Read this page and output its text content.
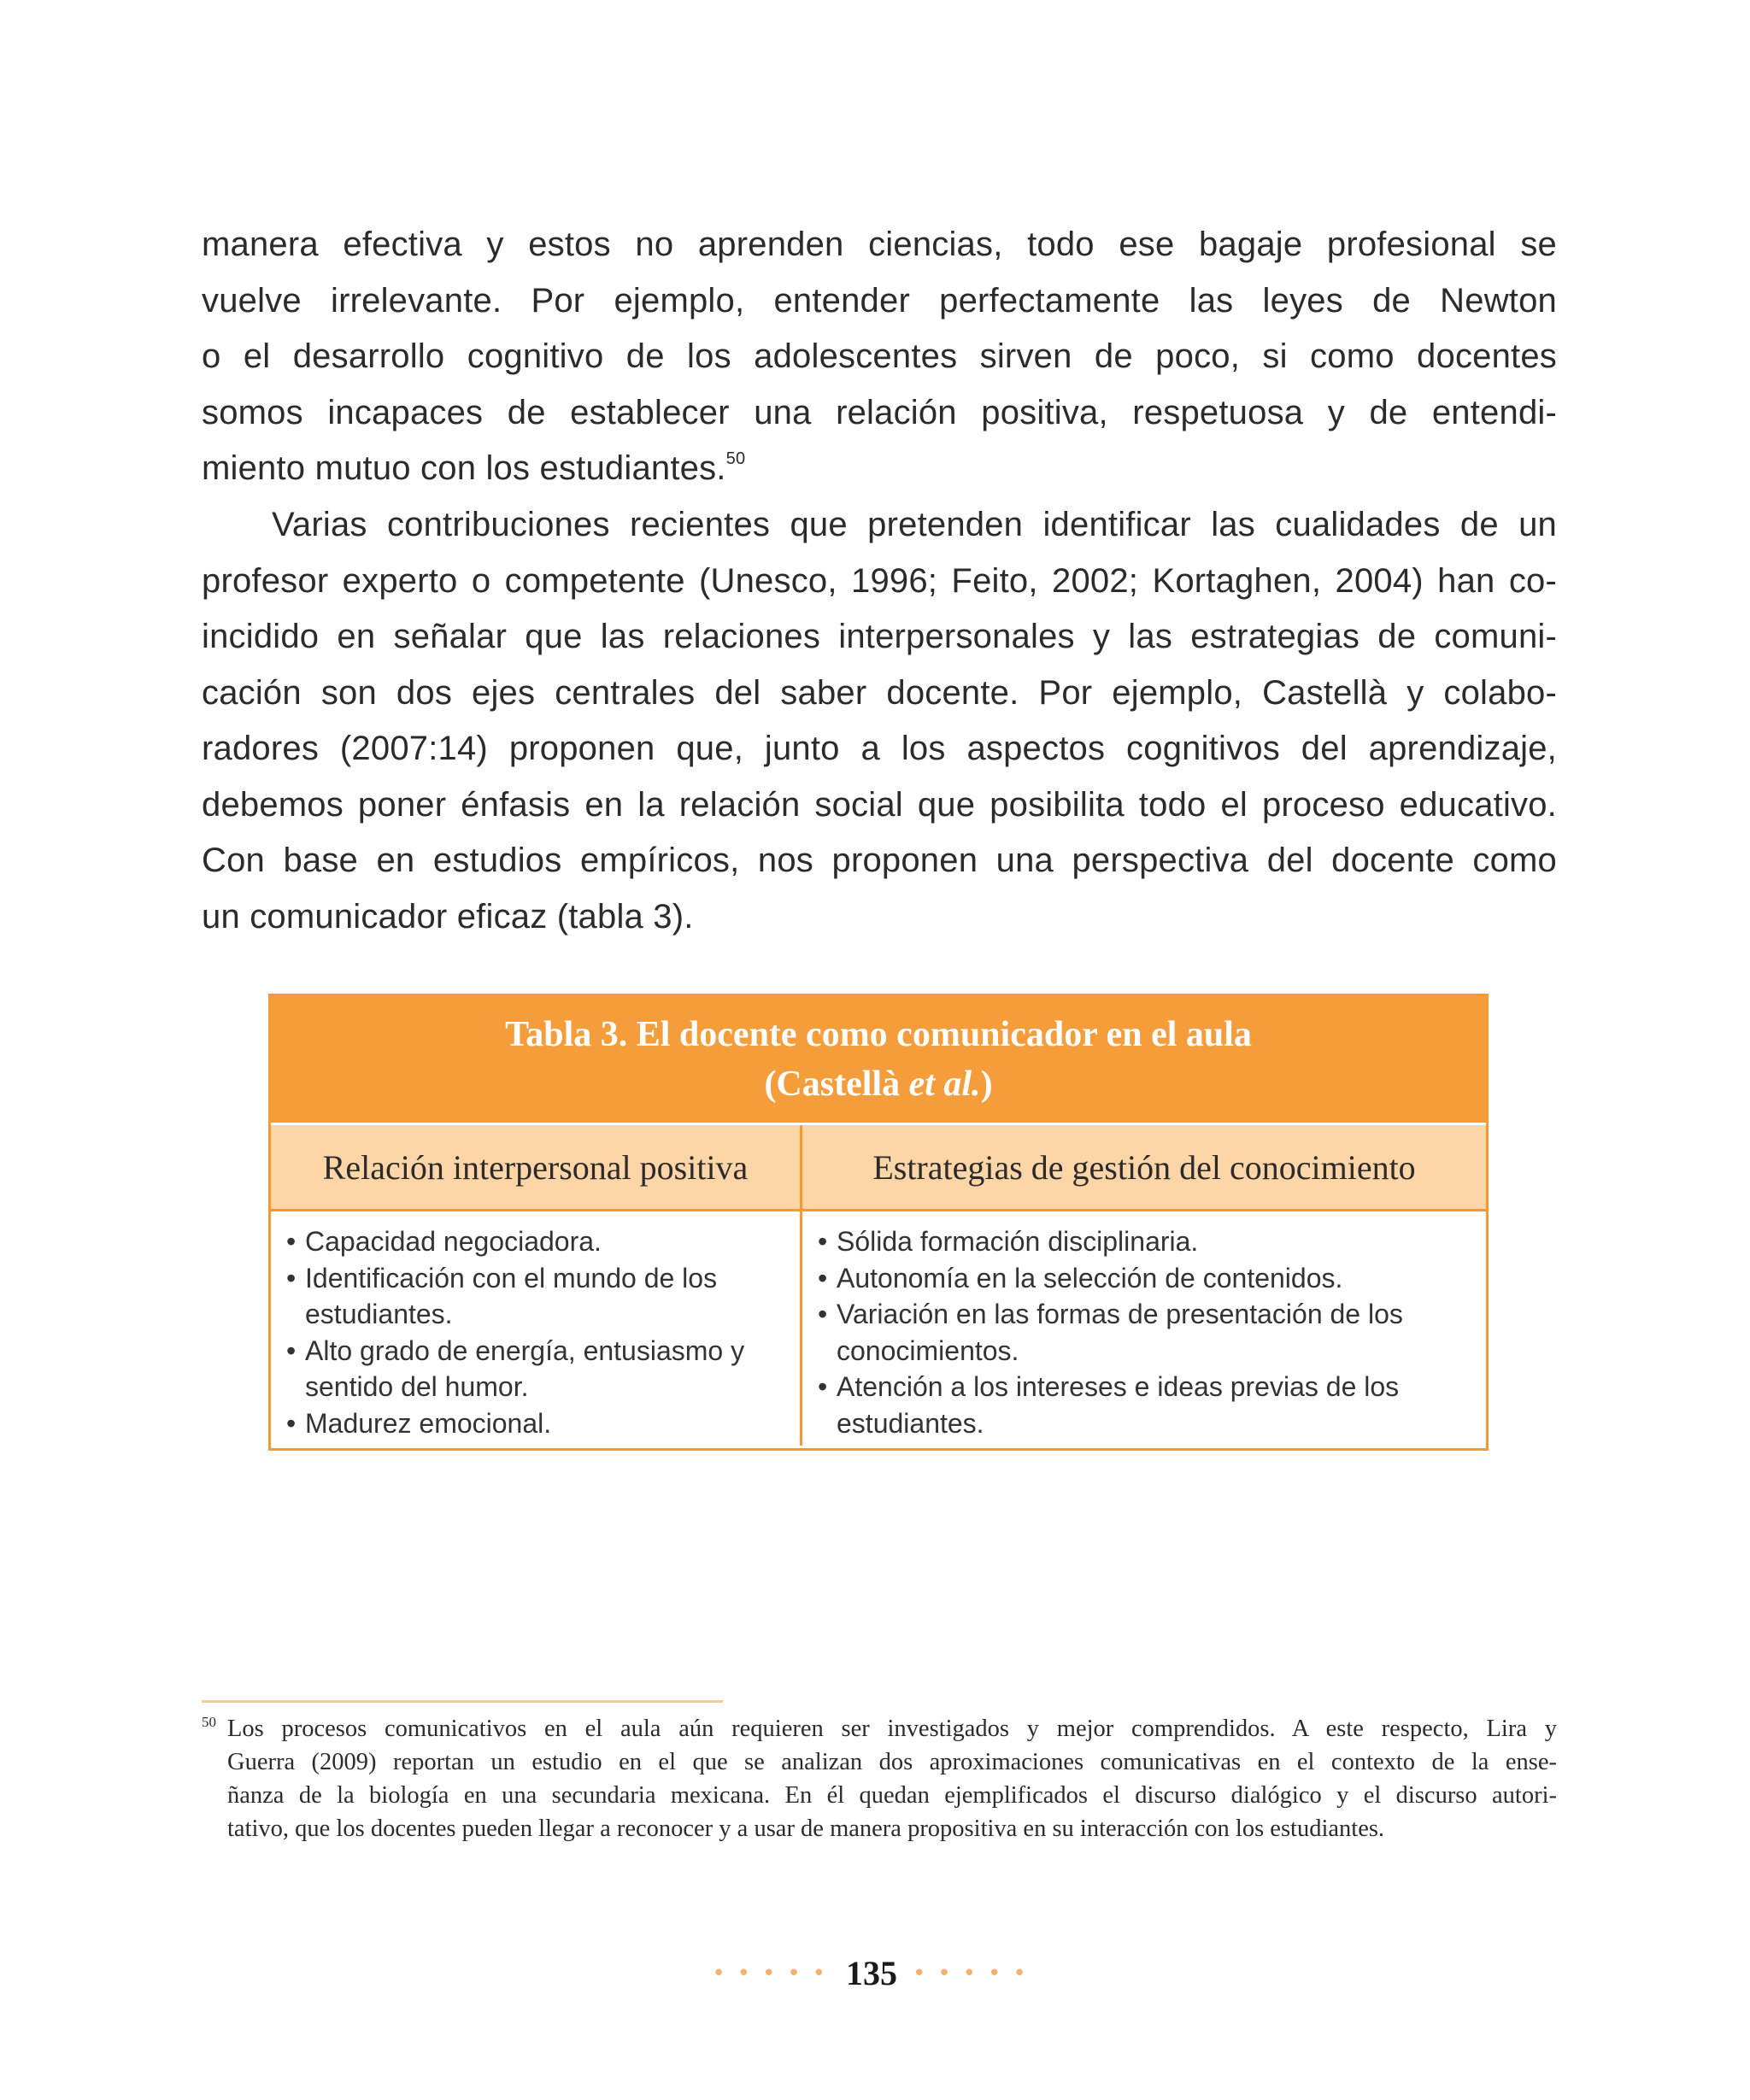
manera efectiva y estos no aprenden ciencias, todo ese bagaje profesional se
vuelve irrelevante. Por ejemplo, entender perfectamente las leyes de Newton
o el desarrollo cognitivo de los adolescentes sirven de poco, si como docentes
somos incapaces de establecer una relación positiva, respetuosa y de entendi-
miento mutuo con los estudiantes.$^{50}$

Varias contribuciones recientes que pretenden identificar las cualidades de un
profesor experto o competente (Unesco, 1996; Feito, 2002; Kortaghen, 2004) han co-
incidido en señalar que las relaciones interpersonales y las estrategias de comuni-
cación son dos ejes centrales del saber docente. Por ejemplo, Castellà y colabo-
radores (2007:14) proponen que, junto a los aspectos cognitivos del aprendizaje,
debemos poner énfasis en la relación social que posibilita todo el proceso educativo.
Con base en estudios empíricos, nos proponen una perspectiva del docente como
un comunicador eficaz (tabla 3).

Tabla 3. El docente como comunicador en el aula
(Castellà et al.)
Relación interpersonal positiva	Estrategias de gestión del conocimiento
• Capacidad negociadora.
• Identificación con el mundo de los estudiantes.
• Alto grado de energía, entusiasmo y sentido del humor.
• Madurez emocional.
• Sólida formación disciplinaria.
• Autonomía en la selección de contenidos.
• Variación en las formas de presentación de los conocimientos.
• Atención a los intereses e ideas previas de los estudiantes.
50 Los procesos comunicativos en el aula aún requieren ser investigados y mejor comprendidos. A este respecto, Lira y
Guerra (2009) reportan un estudio en el que se analizan dos aproximaciones comunicativas en el contexto de la ense-
ñanza de la biología en una secundaria mexicana. En él quedan ejemplificados el discurso dialógico y el discurso autori-
tativo, que los docentes pueden llegar a reconocer y a usar de manera propositiva en su interacción con los estudiantes.
••••• 135 •••••
